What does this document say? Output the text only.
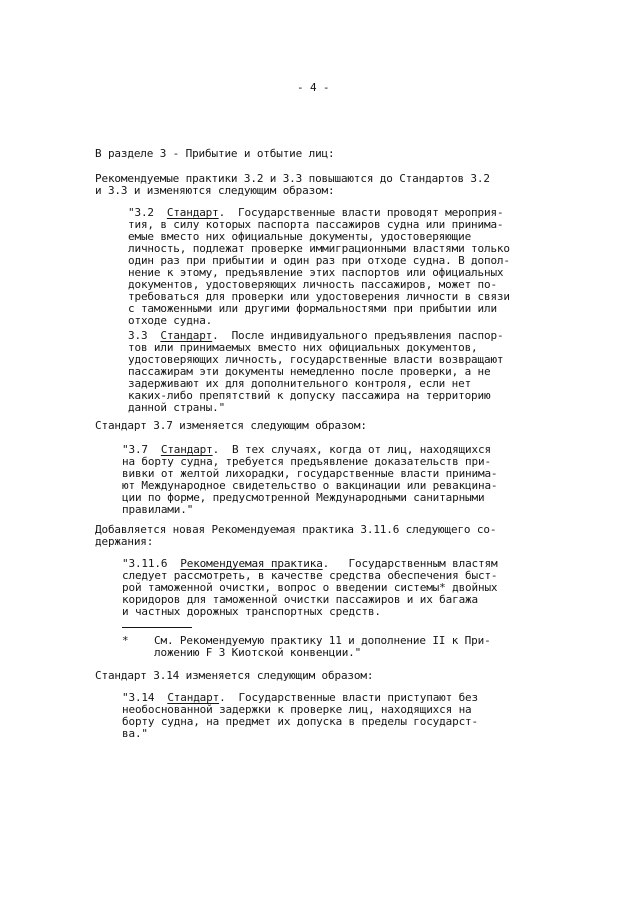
- 4 -
В разделе 3 - Прибытие и отбытие лиц:
Рекомендуемые практики 3.2 и 3.3 повышаются до Стандартов 3.2
и 3.3 и изменяются следующим образом:
"3.2  Стандарт.  Государственные власти проводят мероприя-
тия, в силу которых паспорта пассажиров судна или принима-
емые вместо них официальные документы, удостоверяющие
личность, подлежат проверке иммиграционными властями только
один раз при прибытии и один раз при отходе судна. В допол-
нение к этому, предъявление этих паспортов или официальных
документов, удостоверяющих личность пассажиров, может по-
требоваться для проверки или удостоверения личности в связи
с таможенными или другими формальностями при прибытии или
отходе судна.
3.3  Стандарт.  После индивидуального предъявления паспор-
тов или принимаемых вместо них официальных документов,
удостоверяющих личность, государственные власти возвращают
пассажирам эти документы немедленно после проверки, а не
задерживают их для дополнительного контроля, если нет
каких-либо препятствий к допуску пассажира на территорию
данной страны."
Стандарт 3.7 изменяется следующим образом:
"3.7  Стандарт.  В тех случаях, когда от лиц, находящихся
на борту судна, требуется предъявление доказательств при-
вивки от желтой лихорадки, государственные власти принима-
ют Международное свидетельство о вакцинации или ревакцина-
ции по форме, предусмотренной Международными санитарными
правилами."
Добавляется новая Рекомендуемая практика 3.11.6 следующего со-
держания:
"3.11.6  Рекомендуемая практика.   Государственным властям
следует рассмотреть, в качестве средства обеспечения быст-
рой таможенной очистки, вопрос о введении системы* двойных
коридоров для таможенной очистки пассажиров и их багажа
и частных дорожных транспортных средств.
* См. Рекомендуемую практику 11 и дополнение II к При-
ложению F 3 Киотской конвенции."
Стандарт 3.14 изменяется следующим образом:
"3.14  Стандарт.  Государственные власти приступают без
необоснованной задержки к проверке лиц, находящихся на
борту судна, на предмет их допуска в пределы государст-
ва."
